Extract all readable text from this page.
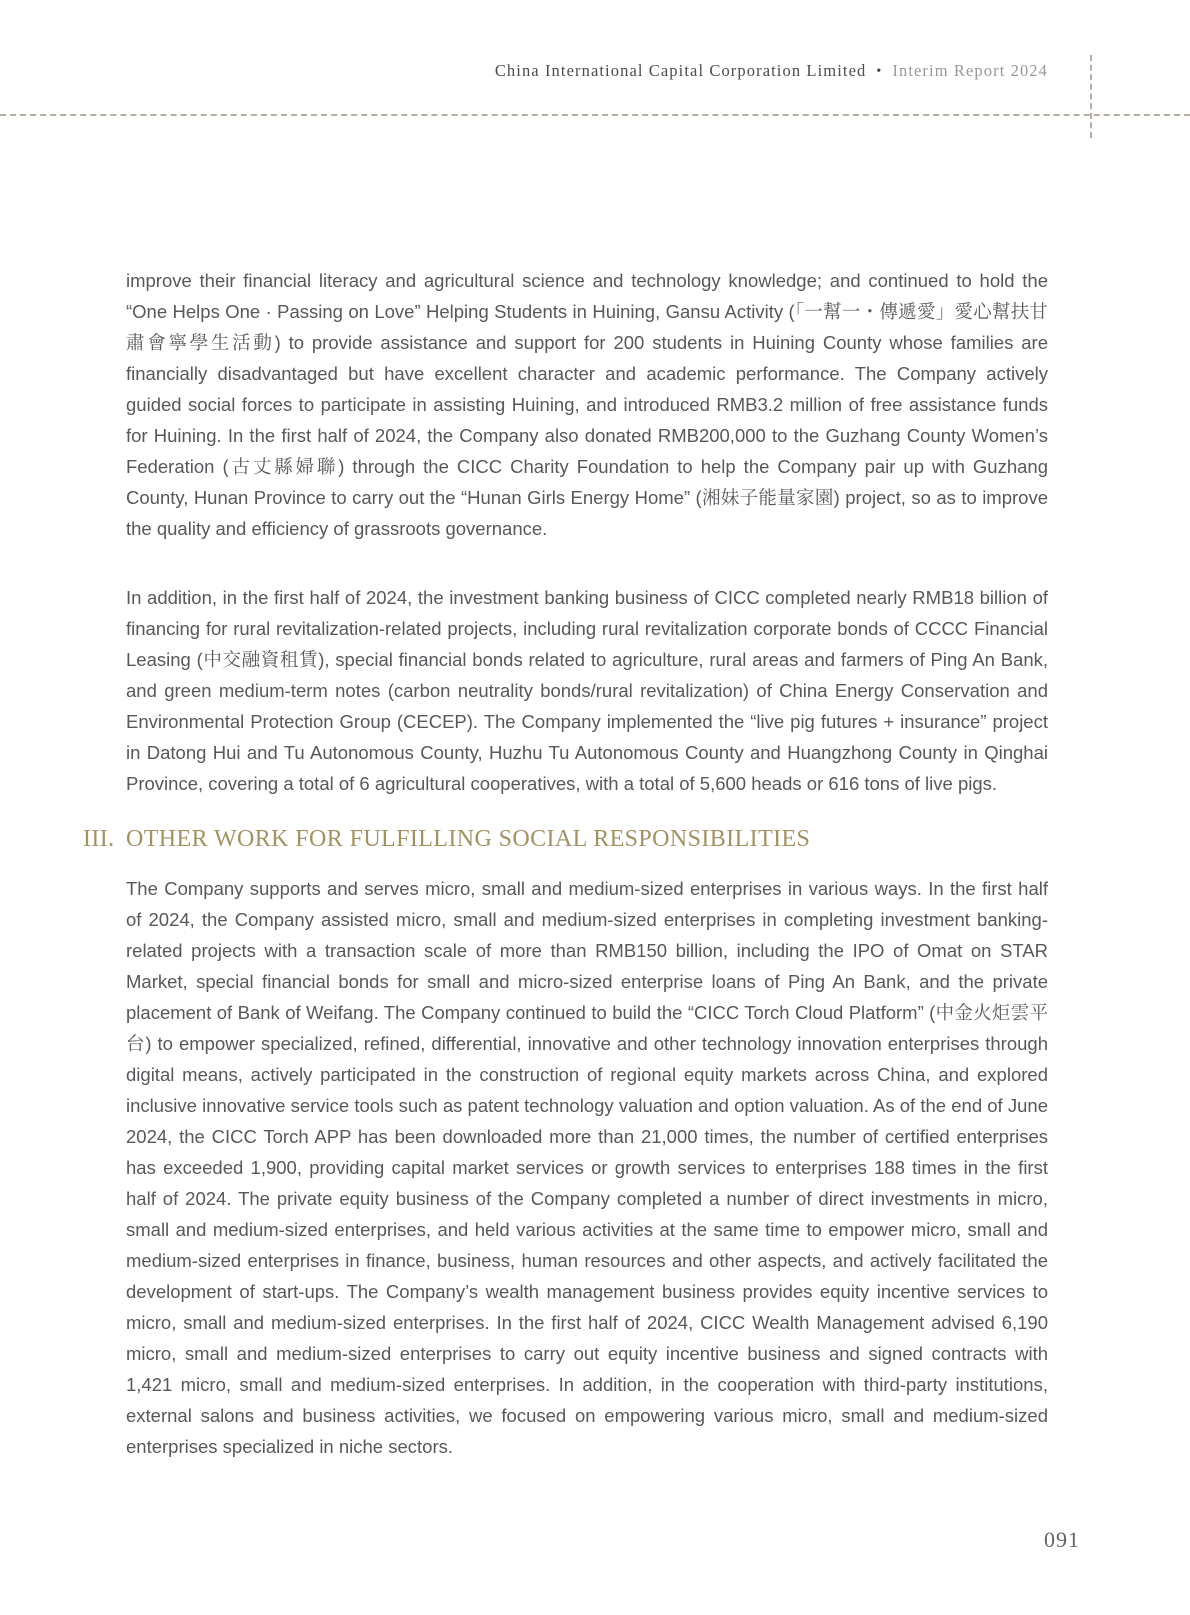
China International Capital Corporation Limited • Interim Report 2024

improve their financial literacy and agricultural science and technology knowledge; and continued to hold the “One Helps One · Passing on Love” Helping Students in Huining, Gansu Activity (「一幫一・傳遞愛」愛心幫扶甘肅會寧學生活動) to provide assistance and support for 200 students in Huining County whose families are financially disadvantaged but have excellent character and academic performance. The Company actively guided social forces to participate in assisting Huining, and introduced RMB3.2 million of free assistance funds for Huining. In the first half of 2024, the Company also donated RMB200,000 to the Guzhang County Women’s Federation (古丈縣婦聯) through the CICC Charity Foundation to help the Company pair up with Guzhang County, Hunan Province to carry out the “Hunan Girls Energy Home” (湘妹子能量家園) project, so as to improve the quality and efficiency of grassroots governance.

In addition, in the first half of 2024, the investment banking business of CICC completed nearly RMB18 billion of financing for rural revitalization-related projects, including rural revitalization corporate bonds of CCCC Financial Leasing (中交融資租賃), special financial bonds related to agriculture, rural areas and farmers of Ping An Bank, and green medium-term notes (carbon neutrality bonds/rural revitalization) of China Energy Conservation and Environmental Protection Group (CECEP). The Company implemented the “live pig futures + insurance” project in Datong Hui and Tu Autonomous County, Huzhu Tu Autonomous County and Huangzhong County in Qinghai Province, covering a total of 6 agricultural cooperatives, with a total of 5,600 heads or 616 tons of live pigs.

III. OTHER WORK FOR FULFILLING SOCIAL RESPONSIBILITIES

The Company supports and serves micro, small and medium-sized enterprises in various ways. In the first half of 2024, the Company assisted micro, small and medium-sized enterprises in completing investment banking-related projects with a transaction scale of more than RMB150 billion, including the IPO of Omat on STAR Market, special financial bonds for small and micro-sized enterprise loans of Ping An Bank, and the private placement of Bank of Weifang. The Company continued to build the “CICC Torch Cloud Platform” (中金火炬雲平台) to empower specialized, refined, differential, innovative and other technology innovation enterprises through digital means, actively participated in the construction of regional equity markets across China, and explored inclusive innovative service tools such as patent technology valuation and option valuation. As of the end of June 2024, the CICC Torch APP has been downloaded more than 21,000 times, the number of certified enterprises has exceeded 1,900, providing capital market services or growth services to enterprises 188 times in the first half of 2024. The private equity business of the Company completed a number of direct investments in micro, small and medium-sized enterprises, and held various activities at the same time to empower micro, small and medium-sized enterprises in finance, business, human resources and other aspects, and actively facilitated the development of start-ups. The Company’s wealth management business provides equity incentive services to micro, small and medium-sized enterprises. In the first half of 2024, CICC Wealth Management advised 6,190 micro, small and medium-sized enterprises to carry out equity incentive business and signed contracts with 1,421 micro, small and medium-sized enterprises. In addition, in the cooperation with third-party institutions, external salons and business activities, we focused on empowering various micro, small and medium-sized enterprises specialized in niche sectors.

091
